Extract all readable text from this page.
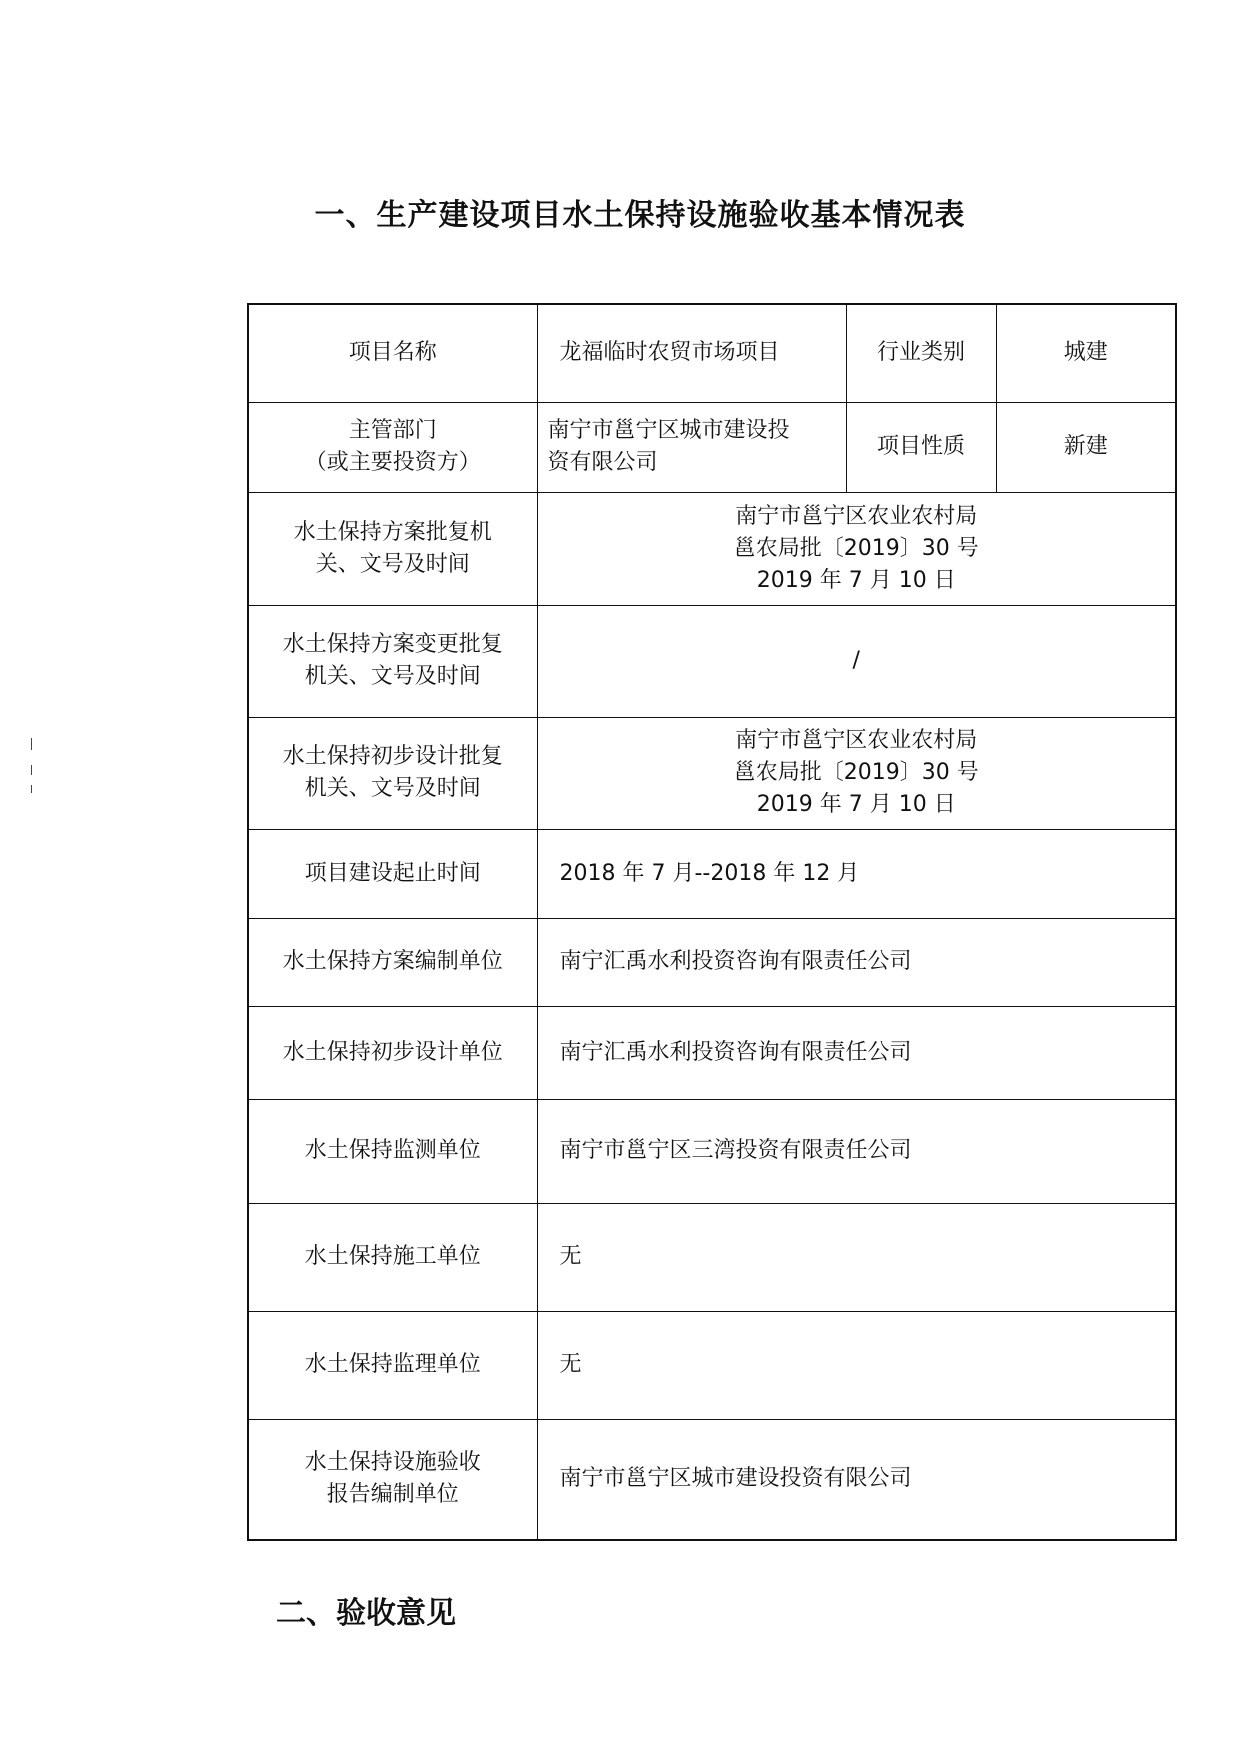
一、生产建设项目水土保持设施验收基本情况表
项目名称	龙福临时农贸市场项目	行业类别	城建

主管部门
（或主要投资方）	南宁市邕宁区城市建设投
资有限公司	项目性质	新建

水土保持方案批复机
关、文号及时间	南宁市邕宁区农业农村局
邕农局批〔2019〕30 号
2019 年 7 月 10 日		

水土保持方案变更批复
机关、文号及时间	/		

水土保持初步设计批复
机关、文号及时间	南宁市邕宁区农业农村局
邕农局批〔2019〕30 号
2019 年 7 月 10 日		

项目建设起止时间	2018 年 7 月--2018 年 12 月		
水土保持方案编制单位	南宁汇禹水利投资咨询有限责任公司		
水土保持初步设计单位	南宁汇禹水利投资咨询有限责任公司		
水土保持监测单位	南宁市邕宁区三湾投资有限责任公司		
水土保持施工单位	无		
水土保持监理单位	无		

水土保持设施验收
报告编制单位	南宁市邕宁区城市建设投资有限公司		
二、验收意见
